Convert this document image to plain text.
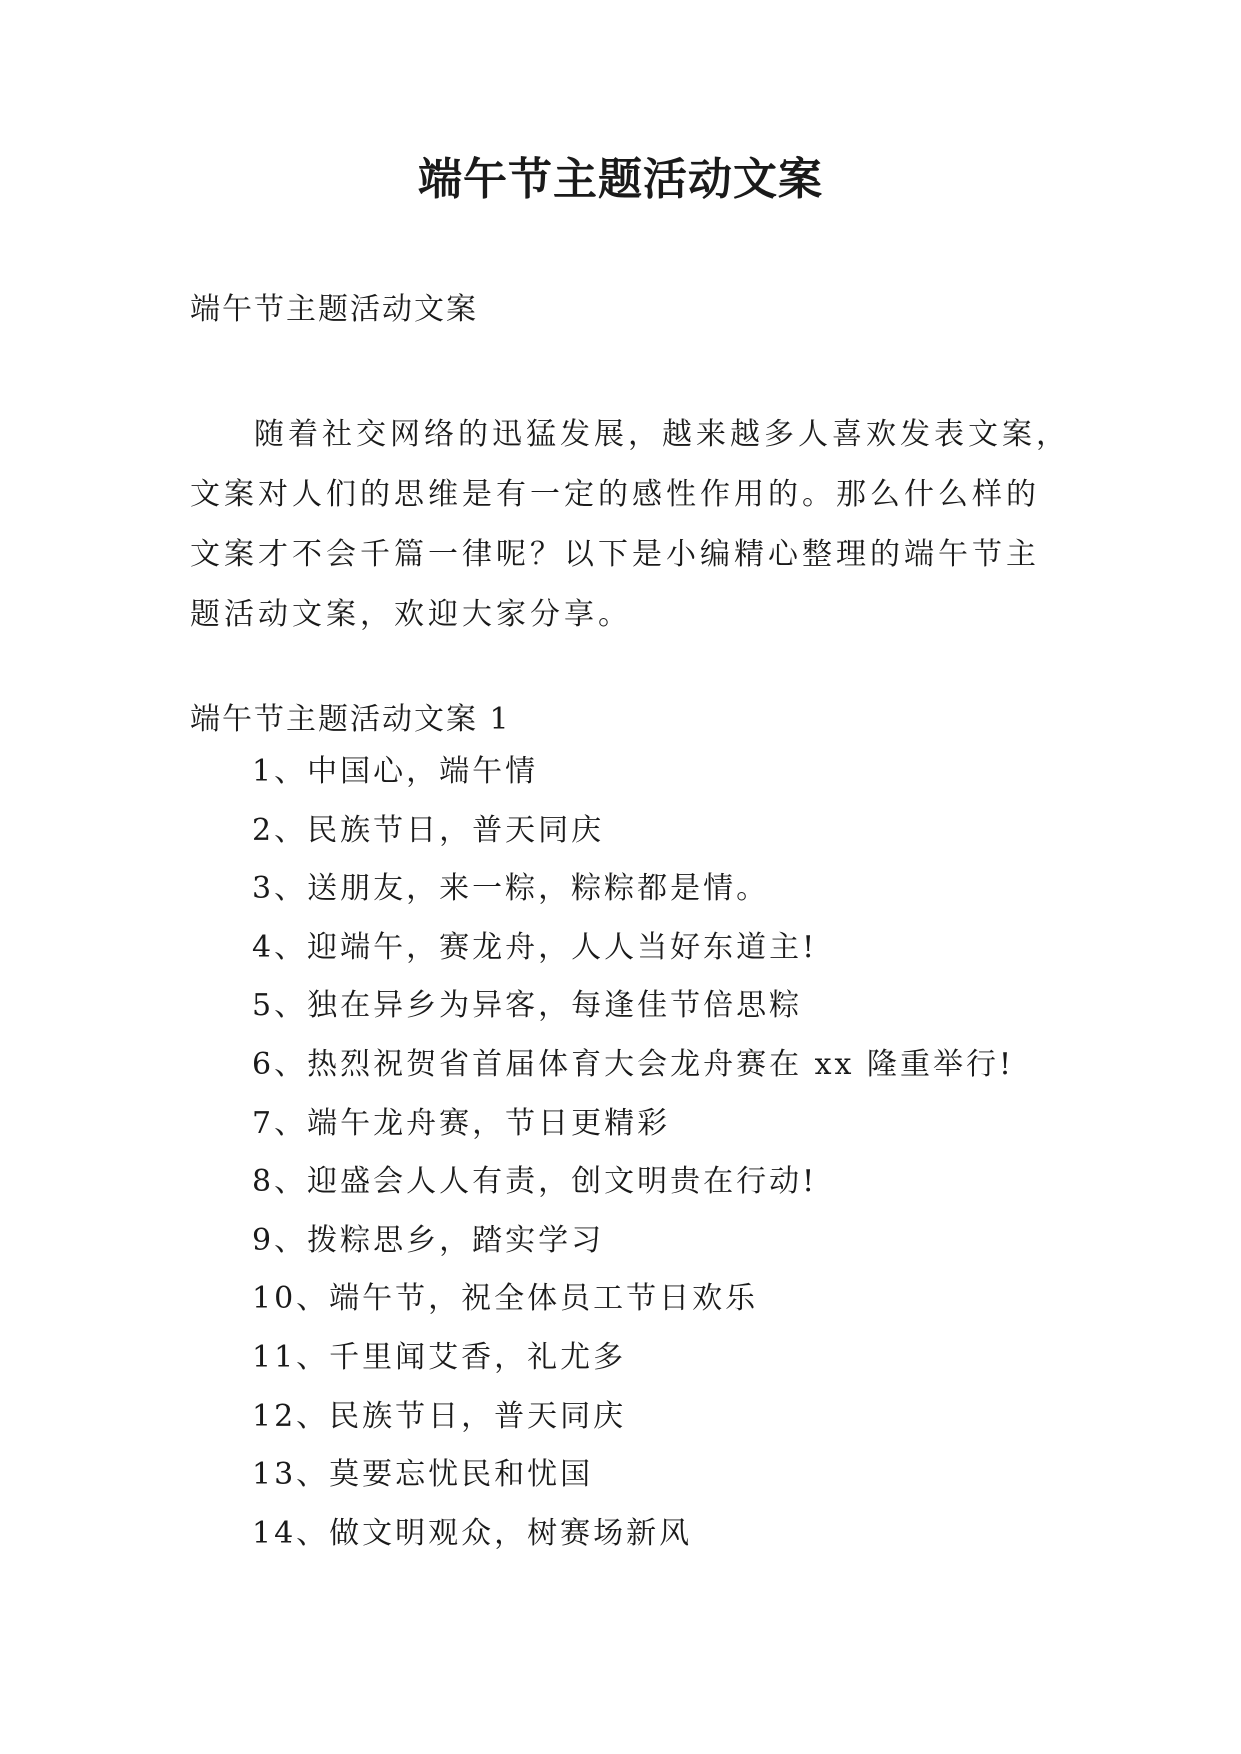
端午节主题活动文案
端午节主题活动文案

随着社交网络的迅猛发展，越来越多人喜欢发表文案，文案对人们的思维是有一定的感性作用的。那么什么样的文案才不会千篇一律呢？以下是小编精心整理的端午节主题活动文案，欢迎大家分享。

端午节主题活动文案 1
1、中国心，端午情
2、民族节日，普天同庆
3、送朋友，来一粽，粽粽都是情。
4、迎端午，赛龙舟，人人当好东道主!
5、独在异乡为异客，每逢佳节倍思粽
6、热烈祝贺省首届体育大会龙舟赛在 xx 隆重举行!
7、端午龙舟赛，节日更精彩
8、迎盛会人人有责，创文明贵在行动!
9、拨粽思乡，踏实学习
10、端午节，祝全体员工节日欢乐
11、千里闻艾香，礼尤多
12、民族节日，普天同庆
13、莫要忘忧民和忧国
14、做文明观众，树赛场新风
